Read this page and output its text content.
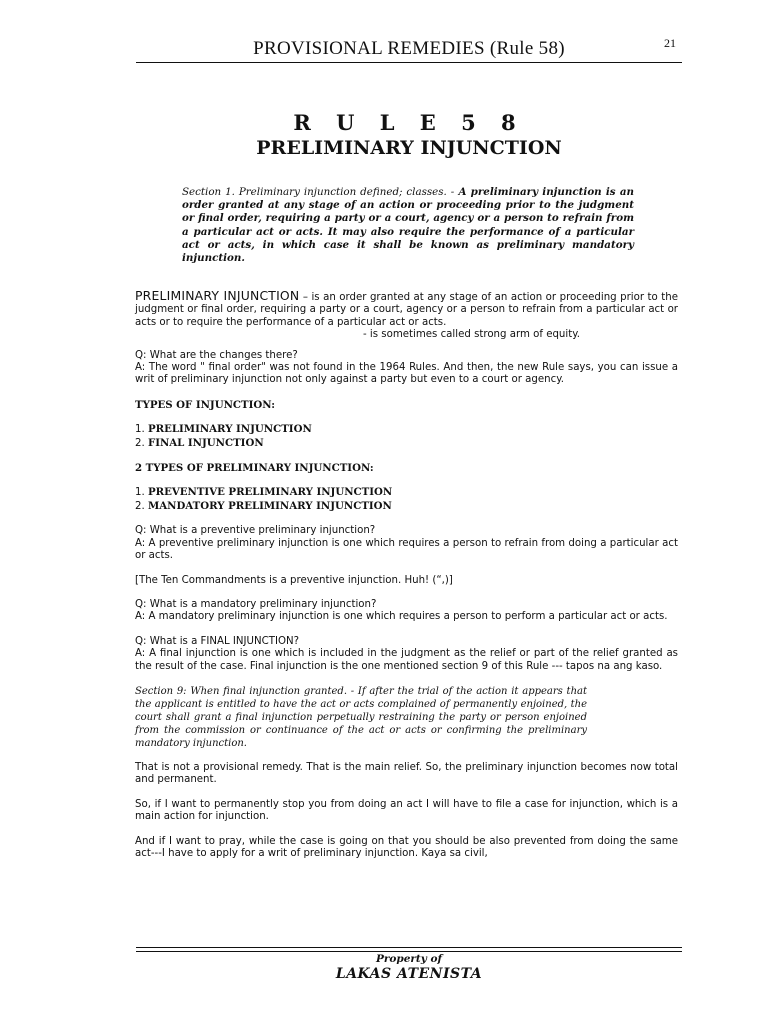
PROVISIONAL REMEDIES (Rule 58)	21
R U L E 5 8
PRELIMINARY INJUNCTION
Section 1. Preliminary injunction defined; classes. - A preliminary injunction is an order granted at any stage of an action or proceeding prior to the judgment or final order, requiring a party or a court, agency or a person to refrain from a particular act or acts. It may also require the performance of a particular act or acts, in which case it shall be known as preliminary mandatory injunction.

PRELIMINARY INJUNCTION – is an order granted at any stage of an action or proceeding prior to the judgment or final order, requiring a party or a court, agency or a person to refrain from a particular act or acts or to require the performance of a particular act or acts.

- is sometimes called strong arm of equity.

Q: What are the changes there?

A: The word " final order" was not found in the 1964 Rules. And then, the new Rule says, you can issue a writ of preliminary injunction not only against a party but even to a court or agency.

TYPES OF INJUNCTION:

1. PRELIMINARY INJUNCTION

2. FINAL INJUNCTION

2 TYPES OF PRELIMINARY INJUNCTION:

1. PREVENTIVE PRELIMINARY INJUNCTION

2. MANDATORY PRELIMINARY INJUNCTION

Q: What is a preventive preliminary injunction?

A: A preventive preliminary injunction is one which requires a person to refrain from doing a particular act or acts.

[The Ten Commandments is a preventive injunction. Huh! (“,)]

Q: What is a mandatory preliminary injunction?

A: A mandatory preliminary injunction is one which requires a person to perform a particular act or acts.

Q: What is a FINAL INJUNCTION?

A: A final injunction is one which is included in the judgment as the relief or part of the relief granted as the result of the case. Final injunction is the one mentioned section 9 of this Rule --- tapos na ang kaso.

Section 9: When final injunction granted. - If after the trial of the action it appears that the applicant is entitled to have the act or acts complained of permanently enjoined, the court shall grant a final injunction perpetually restraining the party or person enjoined from the commission or continuance of the act or acts or confirming the preliminary mandatory injunction.

That is not a provisional remedy. That is the main relief. So, the preliminary injunction becomes now total and permanent.

So, if I want to permanently stop you from doing an act I will have to file a case for injunction, which is a main action for injunction.

And if I want to pray, while the case is going on that you should be also prevented from doing the same act---I have to apply for a writ of preliminary injunction. Kaya sa civil,

Property of
LAKAS ATENISTA
